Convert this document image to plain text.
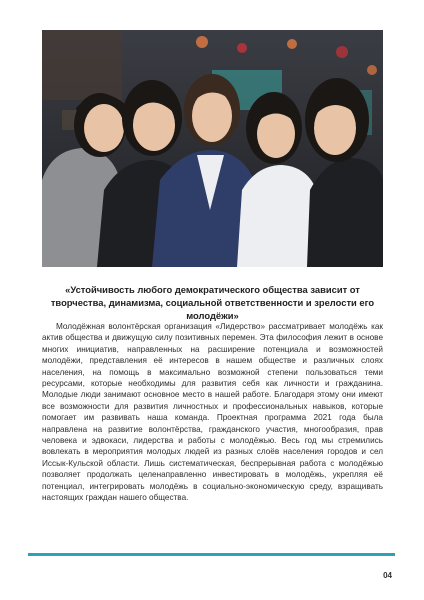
«Устойчивость любого демократического общества зависит от творчества, динамизма, социальной ответственности и зрелости его молодёжи»

Молодёжная волонтёрская организация «Лидерство» рассматривает молодёжь как актив общества и движущую силу позитивных перемен. Эта философия лежит в основе многих инициатив, направленных на расширение потенциала и возможностей молодёжи, представления её интересов в нашем обществе и различных слоях населения, на помощь в максимально возможной степени пользоваться теми ресурсами, которые необходимы для развития себя как личности и гражданина. Молодые люди занимают основное место в нашей работе. Благодаря этому они имеют все возможности для развития личностных и профессиональных навыков, которые помогает им развивать наша команда. Проектная программа 2021 года была направлена на развитие волонтёрства, гражданского участия, многообразия, прав человека и эдвокаси, лидерства и работы с молодёжью. Весь год мы стремились вовлекать в мероприятия молодых людей из разных слоёв населения городов и сел Иссык-Кульской области. Лишь систематическая, беспрерывная работа с молодёжью позволяет продолжать целенаправленно инвестировать в молодёжь, укрепляя её потенциал, интегрировать молодёжь в социально-экономическую среду, взращивать настоящих граждан нашего общества.

04
